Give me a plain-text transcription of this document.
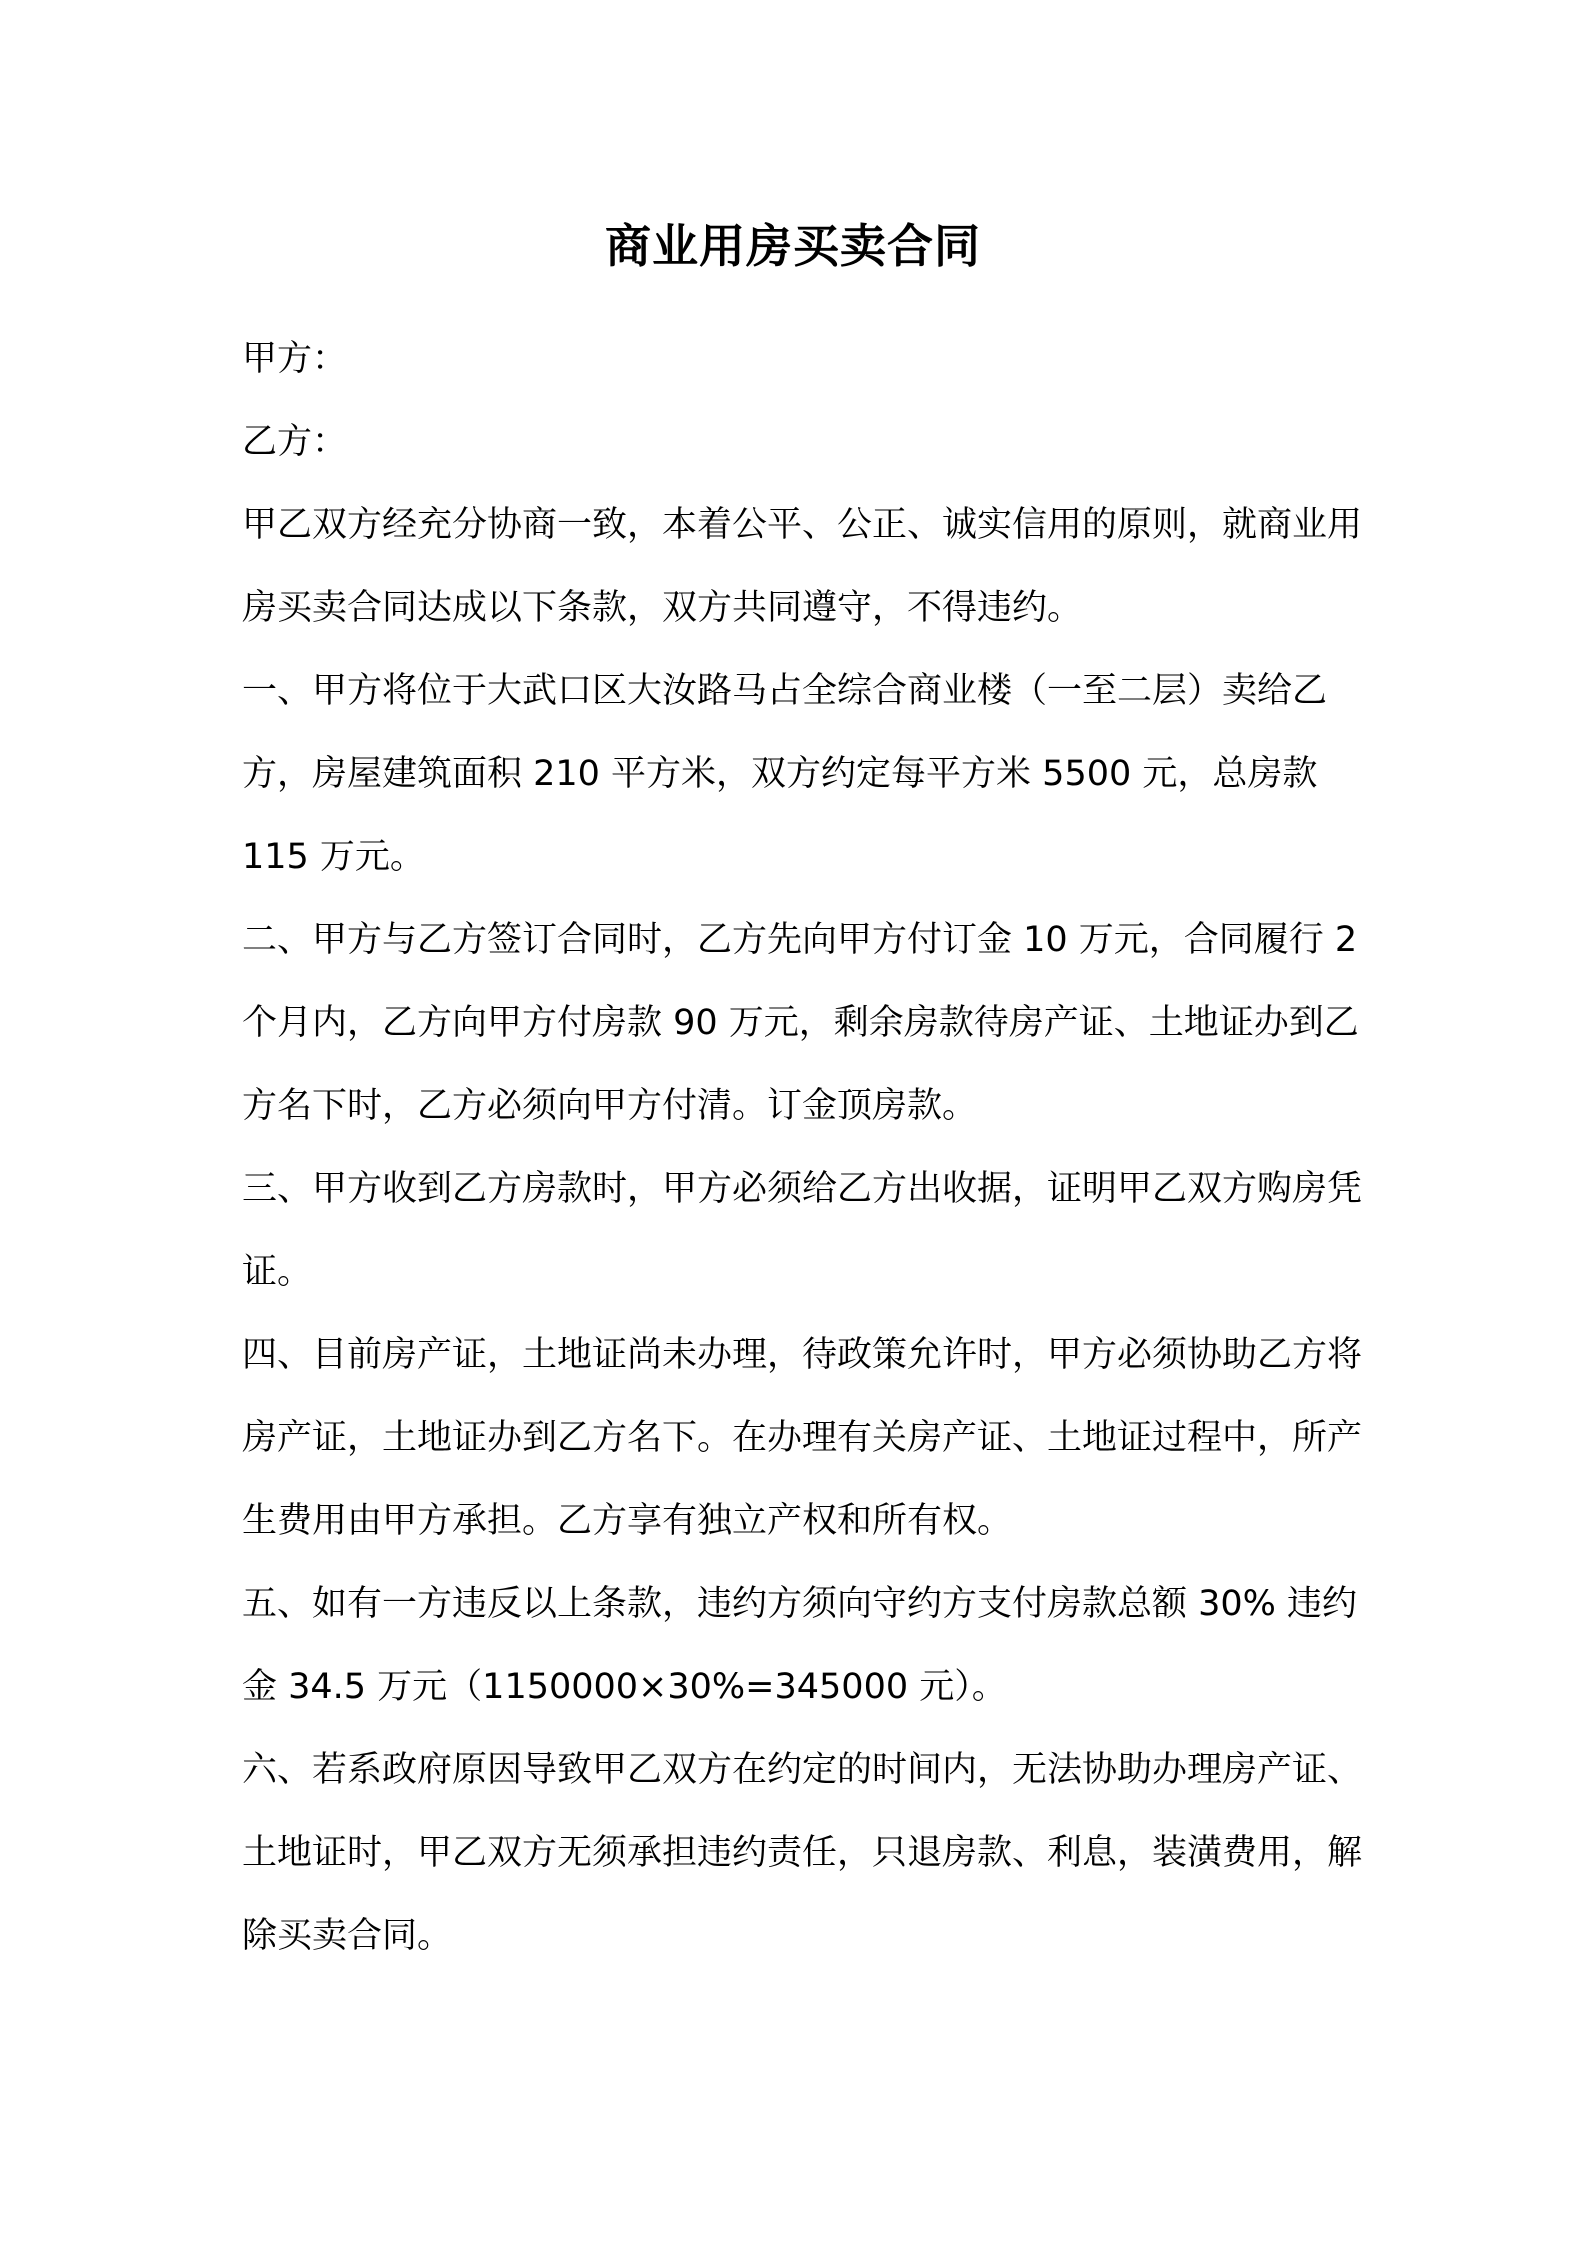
商业用房买卖合同

甲方：

乙方：

甲乙双方经充分协商一致，本着公平、公正、诚实信用的原则，就商业用房买卖合同达成以下条款，双方共同遵守，不得违约。

一、甲方将位于大武口区大汝路马占全综合商业楼（一至二层）卖给乙方，房屋建筑面积 210 平方米，双方约定每平方米 5500 元，总房款 115 万元。

二、甲方与乙方签订合同时，乙方先向甲方付订金 10 万元，合同履行 2 个月内，乙方向甲方付房款 90 万元，剩余房款待房产证、土地证办到乙方名下时，乙方必须向甲方付清。订金顶房款。

三、甲方收到乙方房款时，甲方必须给乙方出收据，证明甲乙双方购房凭证。

四、目前房产证，土地证尚未办理，待政策允许时，甲方必须协助乙方将房产证，土地证办到乙方名下。在办理有关房产证、土地证过程中，所产生费用由甲方承担。乙方享有独立产权和所有权。

五、如有一方违反以上条款，违约方须向守约方支付房款总额 30% 违约金 34.5 万元（1150000×30%=345000 元）。

六、若系政府原因导致甲乙双方在约定的时间内，无法协助办理房产证、土地证时，甲乙双方无须承担违约责任，只退房款、利息，装潢费用，解除买卖合同。
